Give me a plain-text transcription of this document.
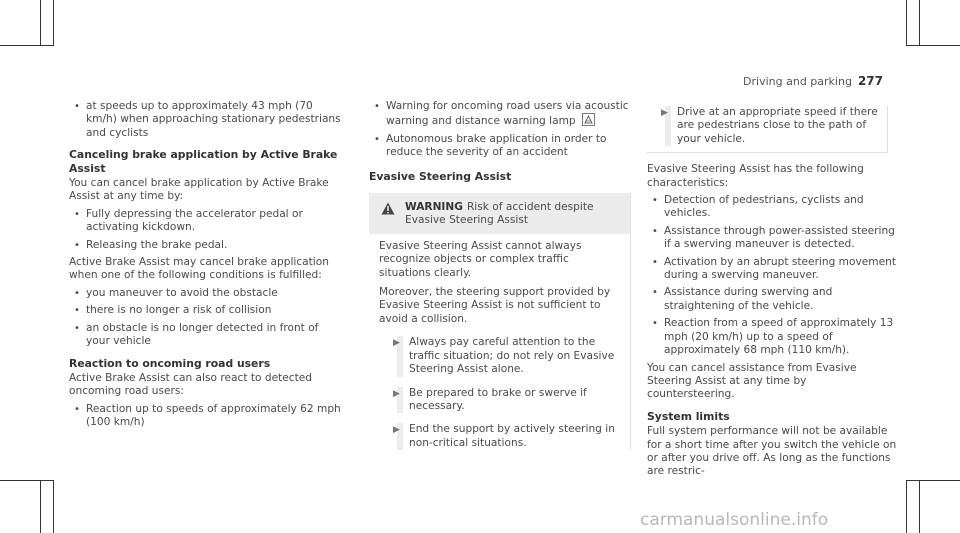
Driving and parking 277
• at speeds up to approximately 43 mph (70 km/h) when approaching stationary pedestrians and cyclists
Canceling brake application by Active Brake Assist
You can cancel brake application by Active Brake Assist at any time by:
• Fully depressing the accelerator pedal or activating kickdown.
• Releasing the brake pedal.
Active Brake Assist may cancel brake application when one of the following conditions is fulfilled:
• you maneuver to avoid the obstacle
• there is no longer a risk of collision
• an obstacle is no longer detected in front of your vehicle
Reaction to oncoming road users
Active Brake Assist can also react to detected oncoming road users:
• Reaction up to speeds of approximately 62 mph (100 km/h)
• Warning for oncoming road users via acoustic warning and distance warning lamp
• Autonomous brake application in order to reduce the severity of an accident
Evasive Steering Assist
WARNING Risk of accident despite Evasive Steering Assist
Evasive Steering Assist cannot always recognize objects or complex traffic situations clearly.
Moreover, the steering support provided by Evasive Steering Assist is not sufficient to avoid a collision.
▶ Always pay careful attention to the traffic situation; do not rely on Evasive Steering Assist alone.
▶ Be prepared to brake or swerve if necessary.
▶ End the support by actively steering in non-critical situations.
▶ Drive at an appropriate speed if there are pedestrians close to the path of your vehicle.
Evasive Steering Assist has the following characteristics:
• Detection of pedestrians, cyclists and vehicles.
• Assistance through power-assisted steering if a swerving maneuver is detected.
• Activation by an abrupt steering movement during a swerving maneuver.
• Assistance during swerving and straightening of the vehicle.
• Reaction from a speed of approximately 13 mph (20 km/h) up to a speed of approximately 68 mph (110 km/h).
You can cancel assistance from Evasive Steering Assist at any time by countersteering.
System limits
Full system performance will not be available for a short time after you switch the vehicle on or after you drive off. As long as the functions are restric-
carmanualsonline.info
